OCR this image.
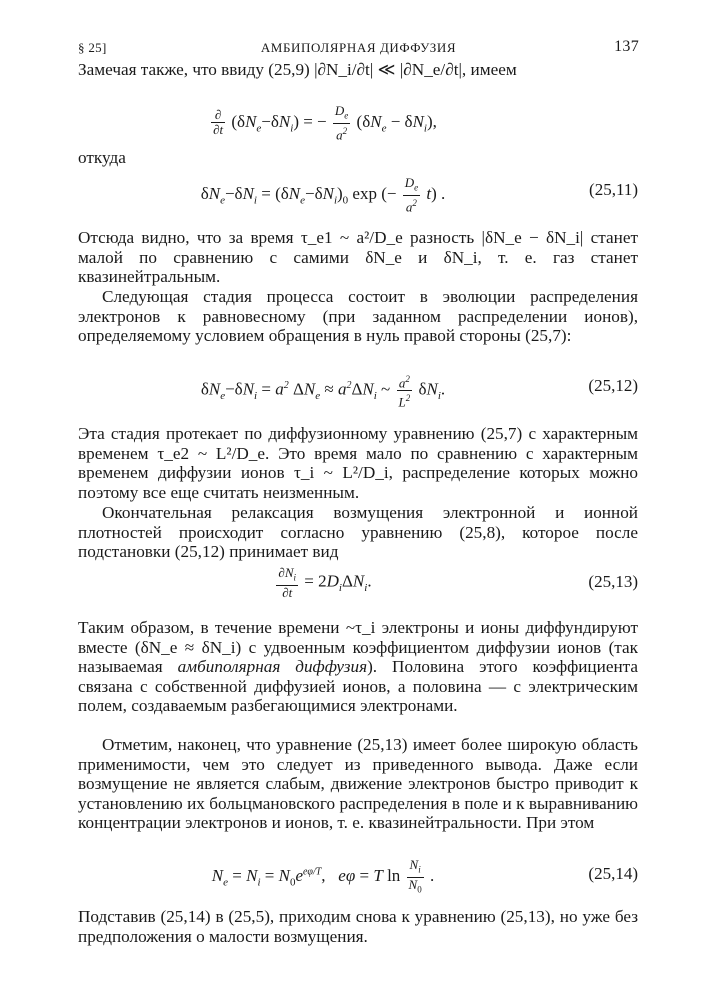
§ 25]	АМБИПОЛЯРНАЯ ДИФФУЗИЯ	137

Замечая также, что ввиду (25,9) |∂N_i/∂t| ≪ |∂N_e/∂t|, имеем

$\frac{\partial}{\partial t} (\delta N_e-\delta N_i)$ = − $\frac{D_e}{a^2} (\delta N_e - \delta N_i)$,

откуда

$\delta N_e-\delta N_i = (\delta N_e-\delta N_i)_0$ exp (− $\frac{D_e}{a^2} t$) .	(25,11)

Отсюда видно, что за время τ_e1 ~ a²/D_e разность |δN_e − δN_i| станет малой по сравнению с самими δN_e и δN_i, т. е. газ станет квазинейтральным.

Следующая стадия процесса состоит в эволюции распределения электронов к равновесному (при заданном распределении ионов), определяемому условием обращения в нуль правой стороны (25,7):

$\delta N_e-\delta N_i = a^2$ $\Delta N_e \approx a^2\Delta N_i$ ~ $\frac{a^2}{L^2} \delta N_i$.	(25,12)

Эта стадия протекает по диффузионному уравнению (25,7) с характерным временем τ_e2 ~ L²/D_e. Это время мало по сравнению с характерным временем диффузии ионов τ_i ~ L²/D_i, распределение которых можно поэтому все еще считать неизменным.

Окончательная релаксация возмущения электронной и ионной плотностей происходит согласно уравнению (25,8), которое после подстановки (25,12) принимает вид

$\frac{\partial N_i}{\partial t} = 2D_i\Delta N_i$.	(25,13)

Таким образом, в течение времени ~τ_i электроны и ионы диффундируют вместе (δN_e ≈ δN_i) с удвоенным коэффициентом диффузии ионов (так называемая амбиполярная диффузия). Половина этого коэффициента связана с собственной диффузией ионов, а половина — с электрическим полем, создаваемым разбегающимися электронами.

Отметим, наконец, что уравнение (25,13) имеет более широкую область применимости, чем это следует из приведенного вывода. Даже если возмущение не является слабым, движение электронов быстро приводит к установлению их больцмановского распределения в поле и к выравниванию концентрации электронов и ионов, т. е. квазинейтральности. При этом

$N_e = N_i = N_0e^{e\varphi/T}$,   eφ = T $\ln \frac{N_i}{N_0}$ .	(25,14)

Подставив (25,14) в (25,5), приходим снова к уравнению (25,13), но уже без предположения о малости возмущения.
